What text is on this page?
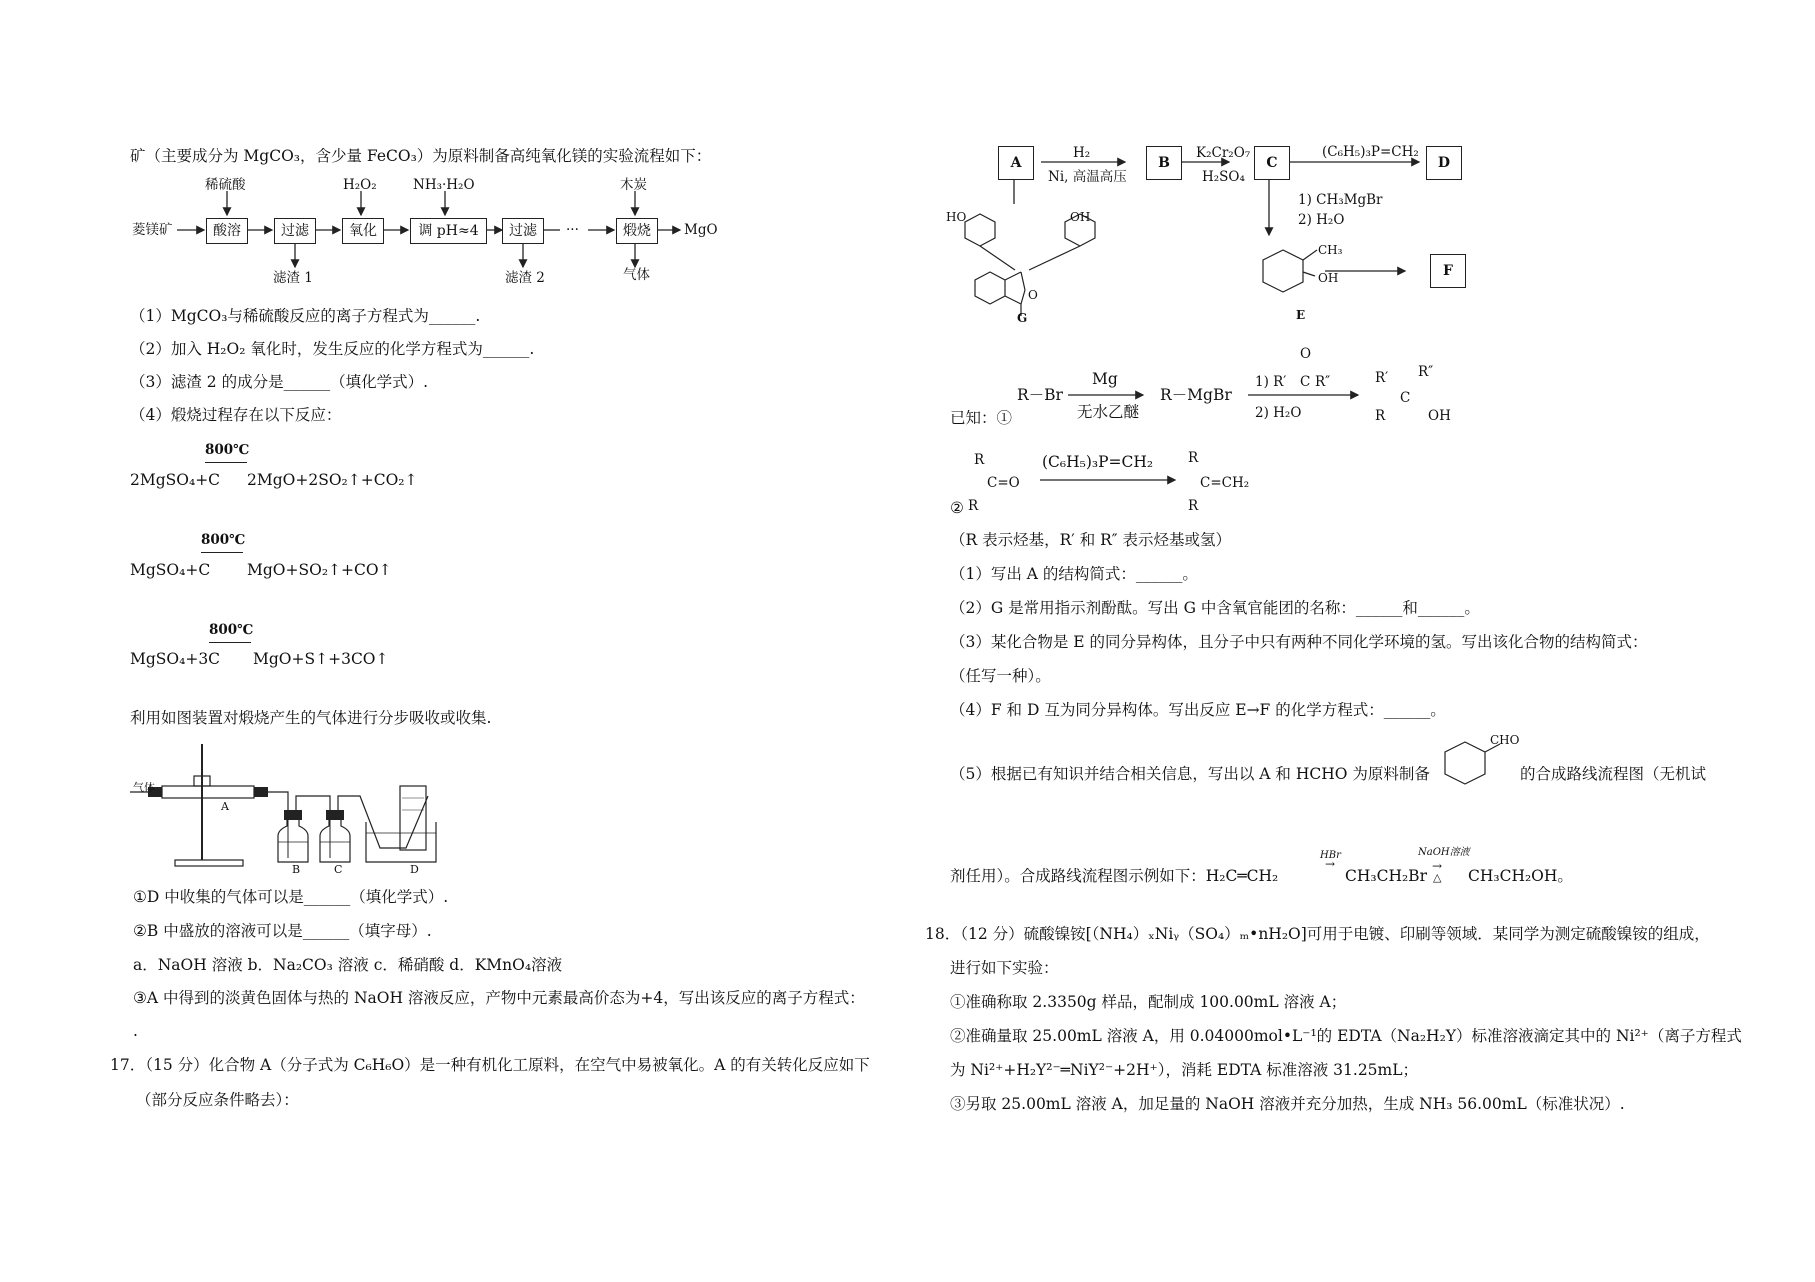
矿（主要成分为 MgCO₃，含少量 FeCO₃）为原料制备高纯氧化镁的实验流程如下：
菱镁矿	酸溶	过滤	氧化	调 pH≈4	过滤	···	煅烧	MgO
稀硫酸	H₂O₂	NH₃·H₂O	木炭
滤渣 1	滤渣 2	气体
（1）MgCO₃与稀硫酸反应的离子方程式为______.
（2）加入 H₂O₂ 氧化时，发生反应的化学方程式为______.
（3）滤渣 2 的成分是______（填化学式）.
（4）煅烧过程存在以下反应：
800℃
2MgSO₄+C 2MgO+2SO₂↑+CO₂↑
800℃
MgSO₄+C MgO+SO₂↑+CO↑
800℃
MgSO₄+3C MgO+S↑+3CO↑
利用如图装置对煅烧产生的气体进行分步吸收或收集.
气体
A
B	C	D
①D 中收集的气体可以是______（填化学式）.
②B 中盛放的溶液可以是______（填字母）.
a．NaOH 溶液 b．Na₂CO₃ 溶液 c．稀硝酸 d．KMnO₄溶液
③A 中得到的淡黄色固体与热的 NaOH 溶液反应，产物中元素最高价态为+4，写出该反应的离子方程式：
.
17．（15 分）化合物 A（分子式为 C₆H₆O）是一种有机化工原料，在空气中易被氧化。A 的有关转化反应如下
（部分反应条件略去）：
A	B	C	D
F
H₂
Ni, 高温高压
K₂Cr₂O₇
H₂SO₄
(C₆H₅)₃P=CH₂
1) CH₃MgBr
2) H₂O
HO	OH
O
G
CH₃
OH
E
已知：①
R－Br
Mg
无水乙醚
R－MgBr
O
1) R′ C R″
2) H₂O
R′ R″
C
R	OH
②
R
C=O
R
(C₆H₅)₃P=CH₂	R
C=CH₂
R
（R 表示烃基，R′ 和 R″ 表示烃基或氢）
（1）写出 A 的结构简式：______。
（2）G 是常用指示剂酚酞。写出 G 中含氧官能团的名称：______和______。
（3）某化合物是 E 的同分异构体，且分子中只有两种不同化学环境的氢。写出该化合物的结构简式：
（任写一种）。
（4）F 和 D 互为同分异构体。写出反应 E→F 的化学方程式：______。
（5）根据已有知识并结合相关信息，写出以 A 和 HCHO 为原料制备
CHO
的合成路线流程图（无机试
剂任用）。合成路线流程图示例如下：H₂C═CH₂
HBr
→
CH₃CH₂Br
NaOH溶液
→
△ CH₃CH₂OH。
18．（12 分）硫酸镍铵[（NH₄）ₓNiᵧ（SO₄）ₘ•nH₂O]可用于电镀、印刷等领域．某同学为测定硫酸镍铵的组成，
进行如下实验：
①准确称取 2.3350g 样品，配制成 100.00mL 溶液 A；
②准确量取 25.00mL 溶液 A，用 0.04000mol•L⁻¹的 EDTA（Na₂H₂Y）标准溶液滴定其中的 Ni²⁺（离子方程式
为 Ni²⁺+H₂Y²⁻═NiY²⁻+2H⁺），消耗 EDTA 标准溶液 31.25mL；
③另取 25.00mL 溶液 A，加足量的 NaOH 溶液并充分加热，生成 NH₃ 56.00mL（标准状况）.
